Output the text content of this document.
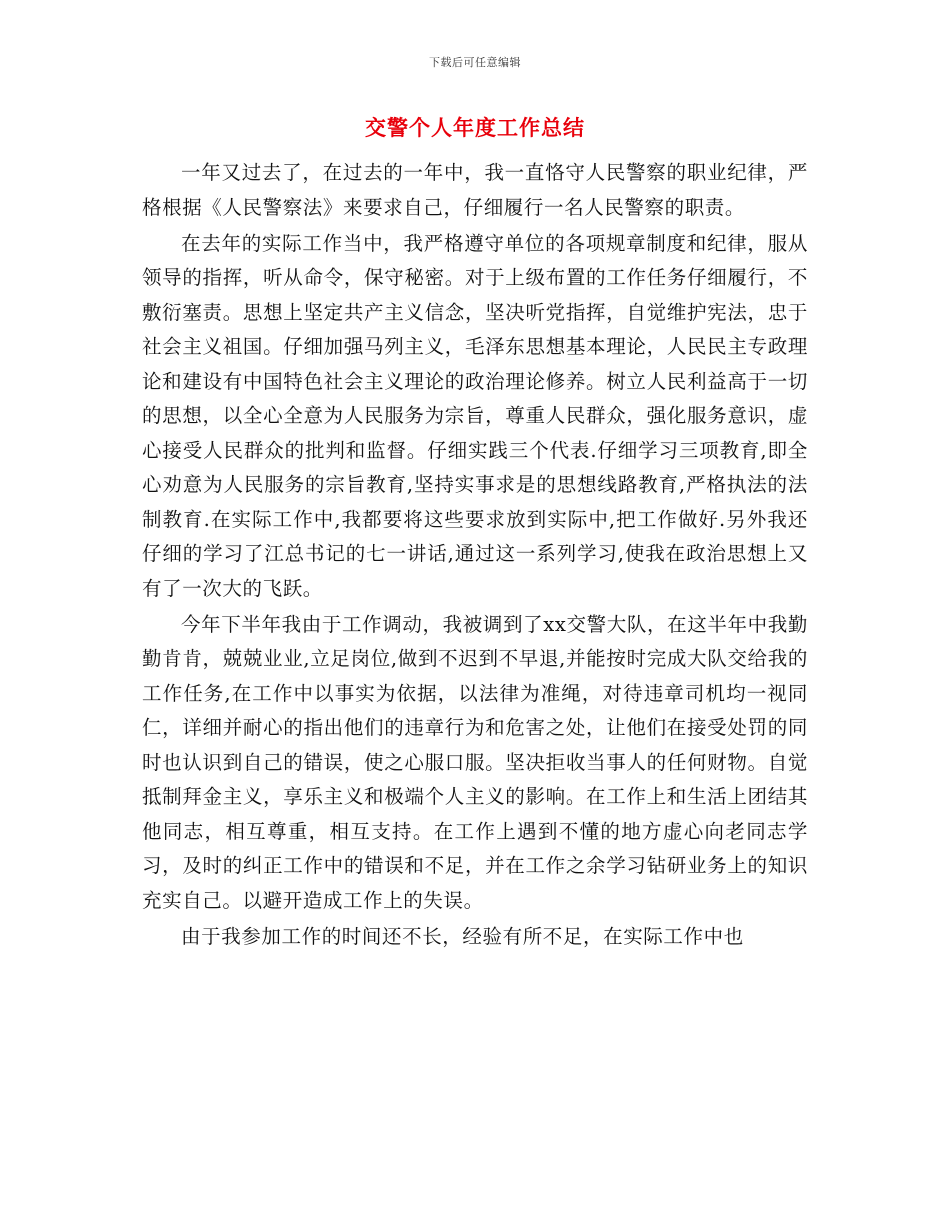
下载后可任意编辑
交警个人年度工作总结

一年又过去了，在过去的一年中，我一直恪守人民警察的职业纪律，严格根据《人民警察法》来要求自己，仔细履行一名人民警察的职责。

在去年的实际工作当中，我严格遵守单位的各项规章制度和纪律，服从领导的指挥，听从命令，保守秘密。对于上级布置的工作任务仔细履行，不敷衍塞责。思想上坚定共产主义信念，坚决听党指挥，自觉维护宪法，忠于社会主义祖国。仔细加强马列主义，毛泽东思想基本理论，人民民主专政理论和建设有中国特色社会主义理论的政治理论修养。树立人民利益高于一切的思想，以全心全意为人民服务为宗旨，尊重人民群众，强化服务意识，虚心接受人民群众的批判和监督。仔细实践三个代表.仔细学习三项教育,即全心劝意为人民服务的宗旨教育,坚持实事求是的思想线路教育,严格执法的法制教育.在实际工作中,我都要将这些要求放到实际中,把工作做好.另外我还仔细的学习了江总书记的七一讲话,通过这一系列学习,使我在政治思想上又有了一次大的飞跃。

今年下半年我由于工作调动，我被调到了xx交警大队，在这半年中我勤勤肯肯，兢兢业业,立足岗位,做到不迟到不早退,并能按时完成大队交给我的工作任务,在工作中以事实为依据，以法律为准绳，对待违章司机均一视同仁，详细并耐心的指出他们的违章行为和危害之处，让他们在接受处罚的同时也认识到自己的错误，使之心服口服。坚决拒收当事人的任何财物。自觉抵制拜金主义，享乐主义和极端个人主义的影响。在工作上和生活上团结其他同志，相互尊重，相互支持。在工作上遇到不懂的地方虚心向老同志学习，及时的纠正工作中的错误和不足，并在工作之余学习钻研业务上的知识充实自己。以避开造成工作上的失误。

由于我参加工作的时间还不长，经验有所不足，在实际工作中也
